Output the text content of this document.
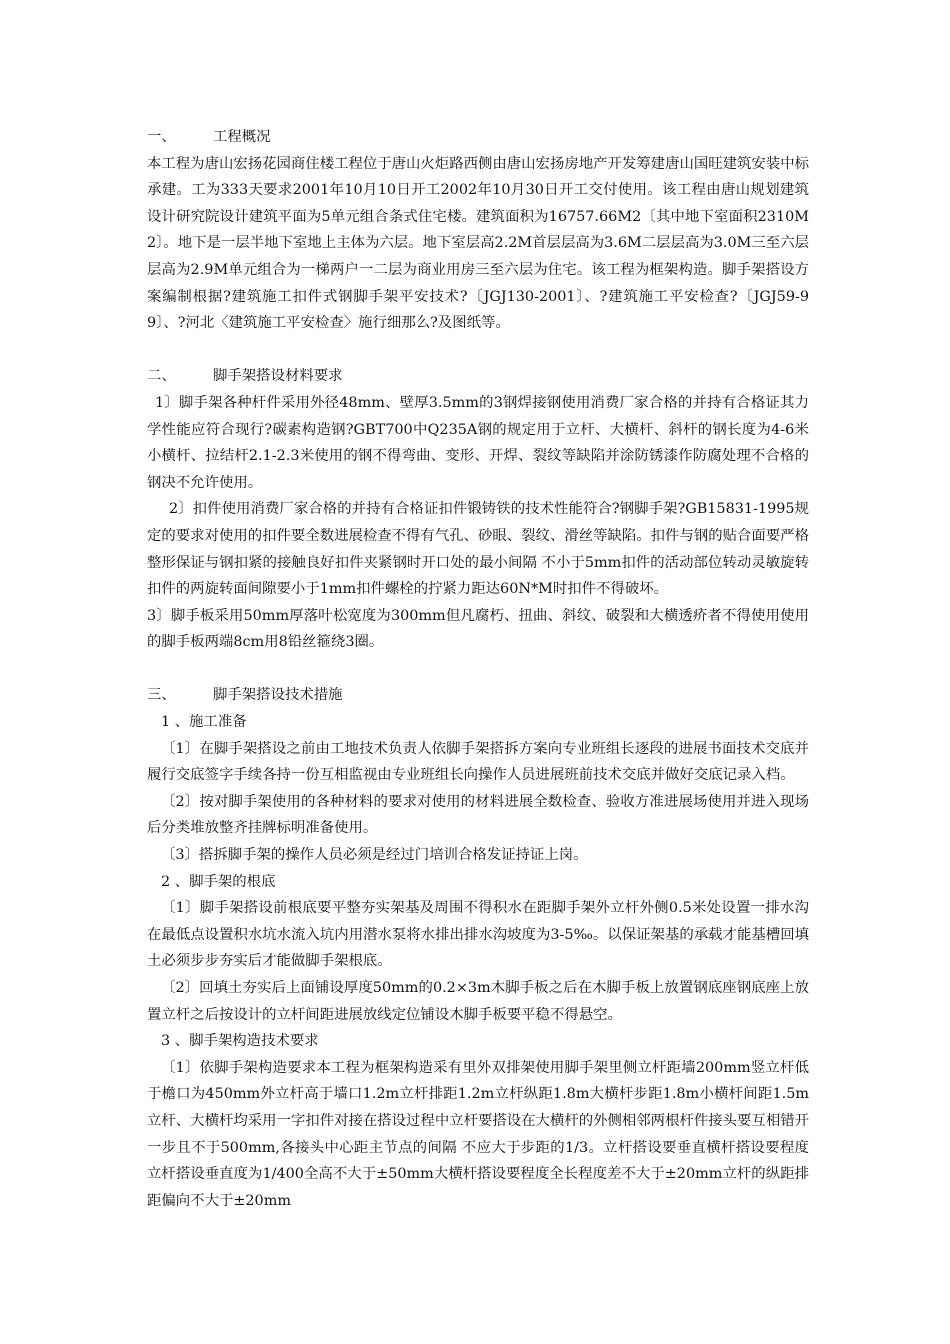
一、	工程概况

本工程为唐山宏扬花园商住楼工程位于唐山火炬路西侧由唐山宏扬房地产开发筹建唐山国旺建筑安装中标承建。工为333天要求2001年10月10日开工2002年10月30日开工交付使用。该工程由唐山规划建筑设计研究院设计建筑平面为5单元组合条式住宅楼。建筑面积为16757.66M2〔其中地下室面积2310M2〕。地下是一层半地下室地上主体为六层。地下室层高2.2M首层层高为3.6M二层层高为3.0M三至六层层高为2.9M单元组合为一梯两户一二层为商业用房三至六层为住宅。该工程为框架构造。脚手架搭设方案编制根据?建筑施工扣件式钢脚手架平安技术?〔JGJ130-2001〕、?建筑施工平安检查?〔JGJ59-99〕、?河北〈建筑施工平安检查〉施行细那么?及图纸等。

二、	脚手架搭设材料要求

1〕脚手架各种杆件采用外径48mm、壁厚3.5mm的3钢焊接钢使用消费厂家合格的并持有合格证其力学性能应符合现行?碳素构造钢?GBT700中Q235A钢的规定用于立杆、大横杆、斜杆的钢长度为4-6米小横杆、拉结杆2.1-2.3米使用的钢不得弯曲、变形、开焊、裂纹等缺陷并涂防锈漆作防腐处理不合格的钢决不允许使用。

2〕扣件使用消费厂家合格的并持有合格证扣件锻铸铁的技术性能符合?钢脚手架?GB15831-1995规定的要求对使用的扣件要全数进展检查不得有气孔、砂眼、裂纹、滑丝等缺陷。扣件与钢的贴合面要严格整形保证与钢扣紧的接触良好扣件夹紧钢时开口处的最小间隔 不小于5mm扣件的活动部位转动灵敏旋转扣件的两旋转面间隙要小于1mm扣件螺栓的拧紧力距达60N*M时扣件不得破坏。

3〕脚手板采用50mm厚落叶松宽度为300mm但凡腐朽、扭曲、斜纹、破裂和大横透疥者不得使用使用的脚手板两端8cm用8铅丝箍绕3圈。

三、	脚手架搭设技术措施

1 、施工准备

〔1〕在脚手架搭设之前由工地技术负责人依脚手架搭拆方案向专业班组长逐段的进展书面技术交底并履行交底签字手续各持一份互相监视由专业班组长向操作人员进展班前技术交底并做好交底记录入档。

〔2〕按对脚手架使用的各种材料的要求对使用的材料进展全数检查、验收方准进展场使用并进入现场后分类堆放整齐挂牌标明准备使用。

〔3〕搭拆脚手架的操作人员必须是经过门培训合格发证持证上岗。

2 、脚手架的根底

〔1〕脚手架搭设前根底要平整夯实架基及周围不得积水在距脚手架外立杆外侧0.5米处设置一排水沟在最低点设置积水坑水流入坑内用潜水泵将水排出排水沟坡度为3-5‰。以保证架基的承载才能基槽回填土必须步步夯实后才能做脚手架根底。

〔2〕回填土夯实后上面铺设厚度50mm的0.2×3m木脚手板之后在木脚手板上放置钢底座钢底座上放置立杆之后按设计的立杆间距进展放线定位铺设木脚手板要平稳不得悬空。

3 、脚手架构造技术要求

〔1〕依脚手架构造要求本工程为框架构造采有里外双排架使用脚手架里侧立杆距墙200mm竖立杆低于檐口为450mm外立杆高于墙口1.2m立杆排距1.2m立杆纵距1.8m大横杆步距1.8m小横杆间距1.5m立杆、大横杆均采用一字扣件对接在搭设过程中立杆要搭设在大横杆的外侧相邻两根杆件接头要互相错开一步且不于500mm,各接头中心距主节点的间隔 不应大于步距的1/3。立杆搭设要垂直横杆搭设要程度立杆搭设垂直度为1/400全高不大于±50mm大横杆搭设要程度全长程度差不大于±20mm立杆的纵距排距偏向不大于±20mm
